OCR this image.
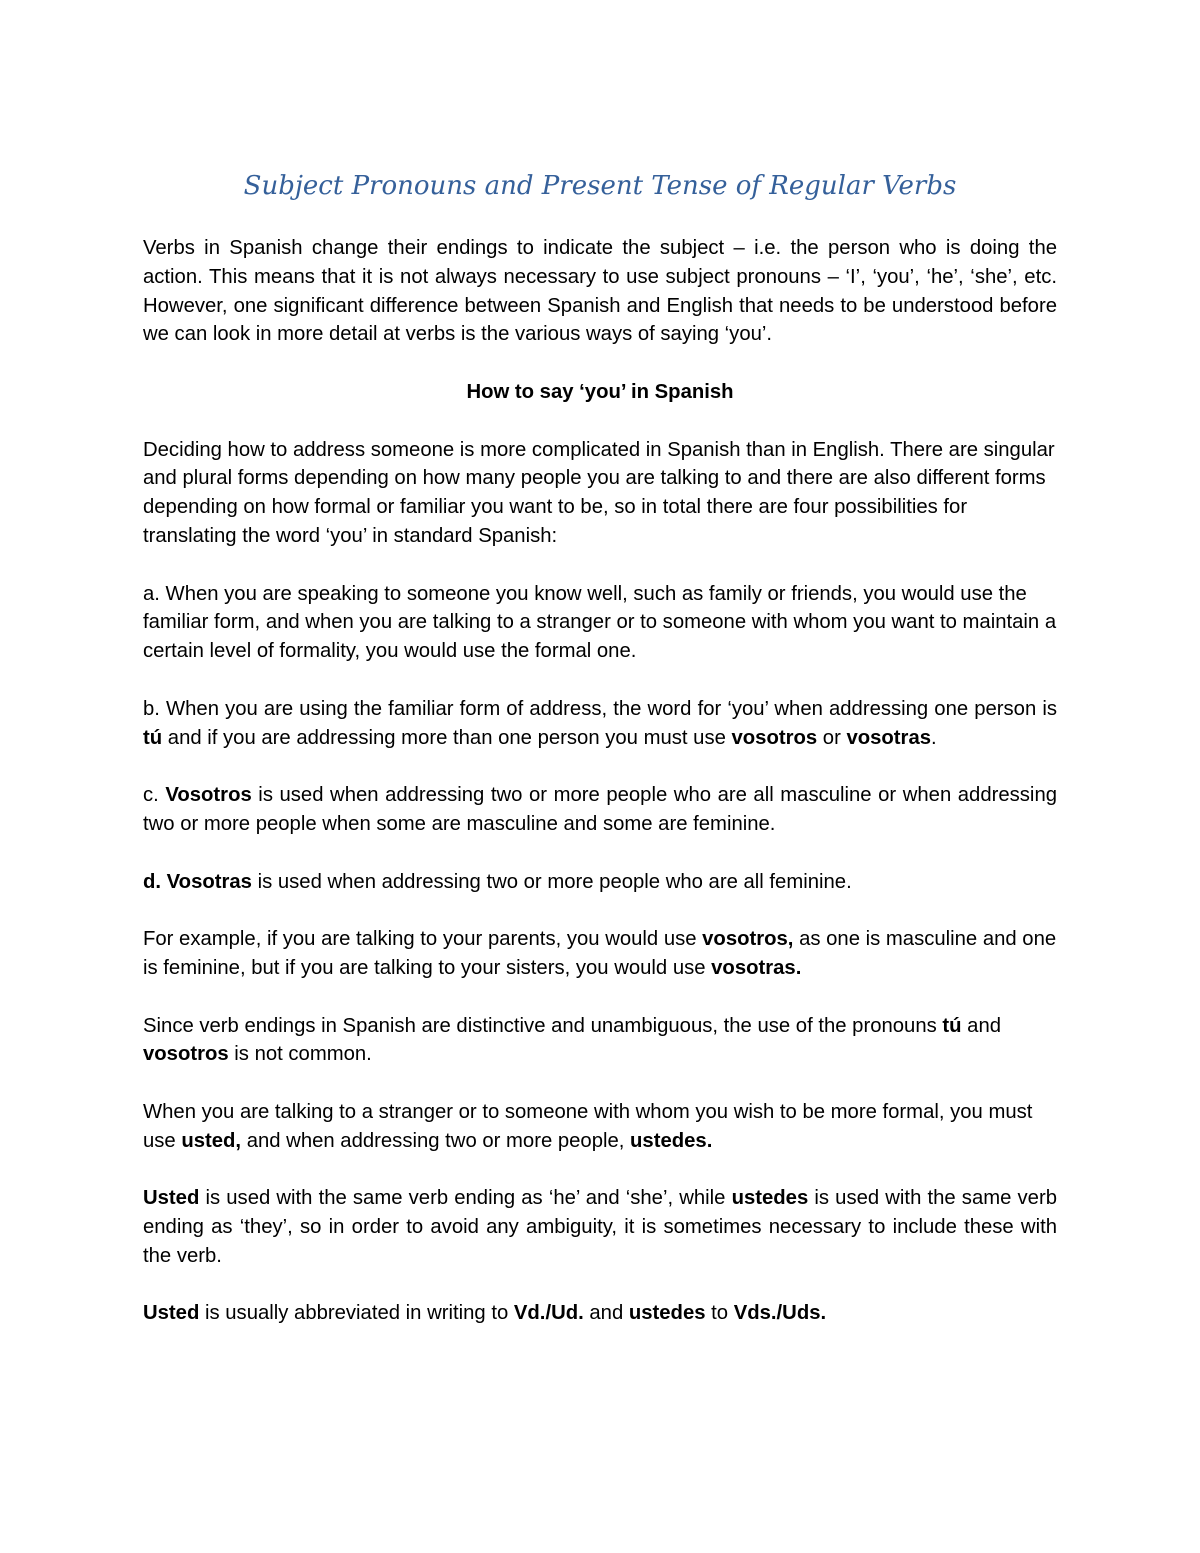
Subject Pronouns and Present Tense of Regular Verbs

Verbs in Spanish change their endings to indicate the subject – i.e. the person who is doing the action. This means that it is not always necessary to use subject pronouns – ‘I’, ‘you’, ‘he’, ‘she’, etc. However, one significant difference between Spanish and English that needs to be understood before we can look in more detail at verbs is the various ways of saying ‘you’.

How to say ‘you’ in Spanish

Deciding how to address someone is more complicated in Spanish than in English. There are singular and plural forms depending on how many people you are talking to and there are also different forms depending on how formal or familiar you want to be, so in total there are four possibilities for translating the word ‘you’ in standard Spanish:

a. When you are speaking to someone you know well, such as family or friends, you would use the familiar form, and when you are talking to a stranger or to someone with whom you want to maintain a certain level of formality, you would use the formal one.

b. When you are using the familiar form of address, the word for ‘you’ when addressing one person is tú and if you are addressing more than one person you must use vosotros or vosotras.

c. Vosotros is used when addressing two or more people who are all masculine or when addressing two or more people when some are masculine and some are feminine.

d. Vosotras is used when addressing two or more people who are all feminine.

For example, if you are talking to your parents, you would use vosotros, as one is masculine and one is feminine, but if you are talking to your sisters, you would use vosotras.

Since verb endings in Spanish are distinctive and unambiguous, the use of the pronouns tú and vosotros is not common.

When you are talking to a stranger or to someone with whom you wish to be more formal, you must use usted, and when addressing two or more people, ustedes.

Usted is used with the same verb ending as ‘he’ and ‘she’, while ustedes is used with the same verb ending as ‘they’, so in order to avoid any ambiguity, it is sometimes necessary to include these with the verb.

Usted is usually abbreviated in writing to Vd./Ud. and ustedes to Vds./Uds.
